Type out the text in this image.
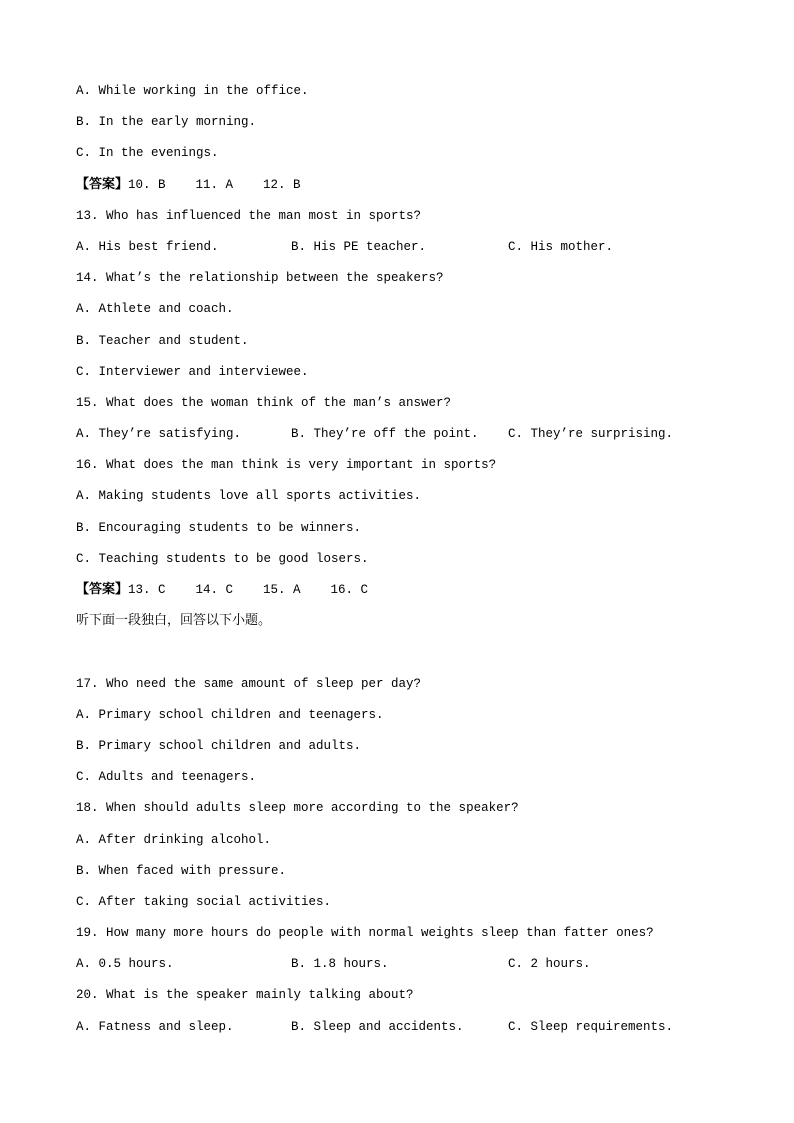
A. While working in the office.
B. In the early morning.
C. In the evenings.
【答案】10. B    11. A    12. B
13. Who has influenced the man most in sports?
A. His best friend.	B. His PE teacher.	C. His mother.
14. What’s the relationship between the speakers?
A. Athlete and coach.
B. Teacher and student.
C. Interviewer and interviewee.
15. What does the woman think of the man’s answer?
A. They’re satisfying.	B. They’re off the point.	C. They’re surprising.
16. What does the man think is very important in sports?
A. Making students love all sports activities.
B. Encouraging students to be winners.
C. Teaching students to be good losers.
【答案】13. C    14. C    15. A    16. C
听下面一段独白，回答以下小题。
17. Who need the same amount of sleep per day?
A. Primary school children and teenagers.
B. Primary school children and adults.
C. Adults and teenagers.
18. When should adults sleep more according to the speaker?
A. After drinking alcohol.
B. When faced with pressure.
C. After taking social activities.
19. How many more hours do people with normal weights sleep than fatter ones?
A. 0.5 hours.	B. 1.8 hours.	C. 2 hours.
20. What is the speaker mainly talking about?
A. Fatness and sleep.	B. Sleep and accidents.	C. Sleep requirements.
